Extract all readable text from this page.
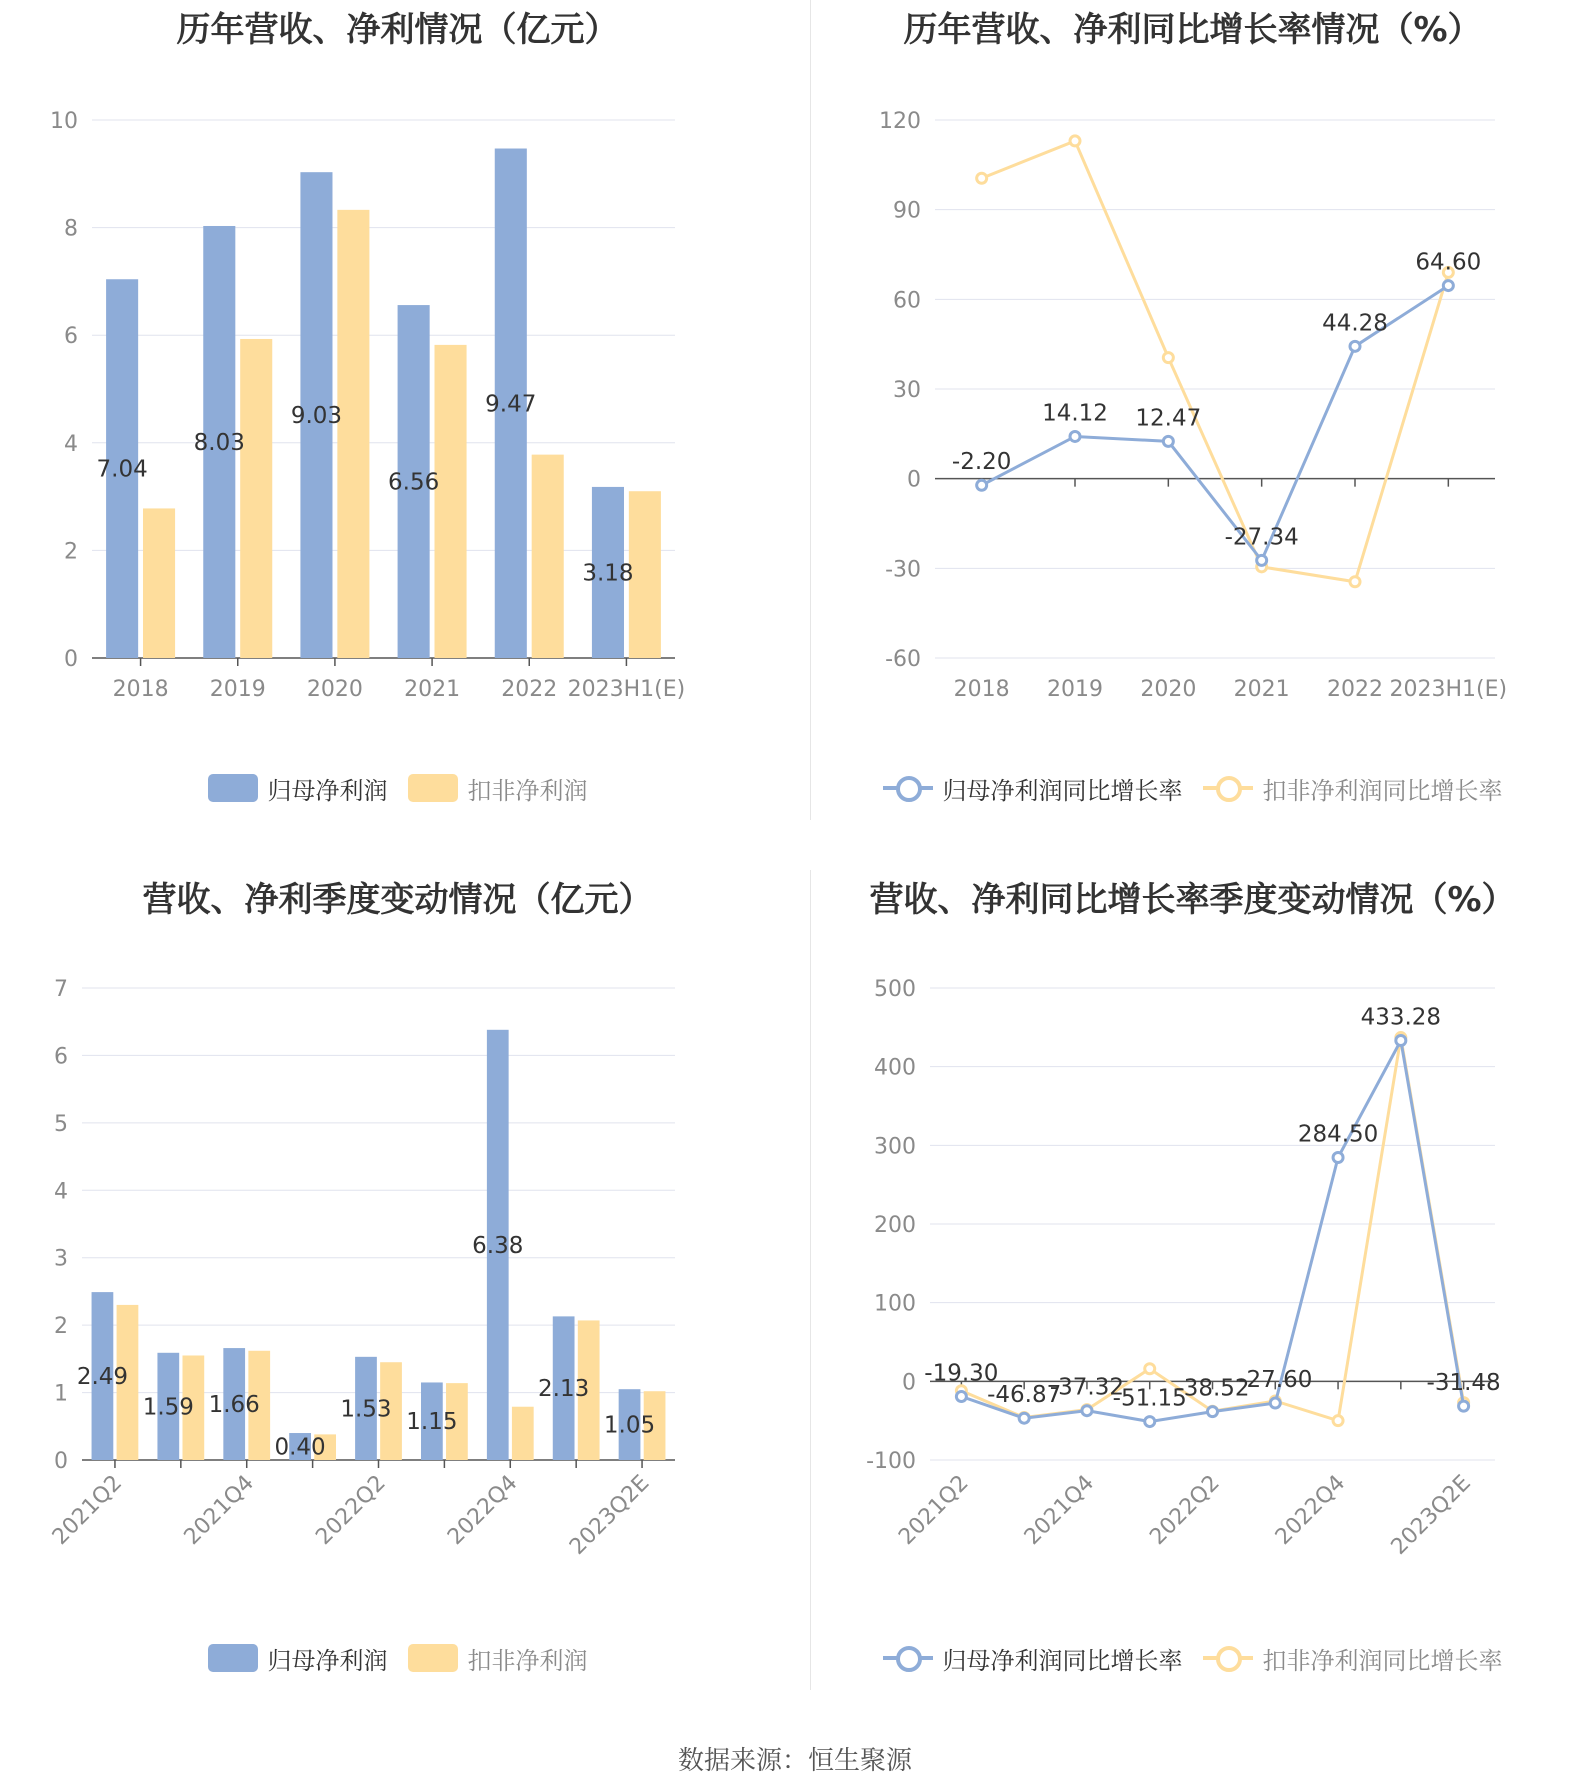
历年营收、净利情况（亿元）
0
2
4
6
8
10
2018 2019 2020 2021 2022 2023H1(E)
7.04
8.03
9.03
6.56
9.47
3.18
归母净利润	扣非净利润
历年营收、净利同比增长率情况（%）
-60
-30
0
30
60
90
120
2018 2019 2020 2021 2022 2023H1(E)
-2.20
14.12 12.47
-27.34
44.28
64.60
归母净利润同比增长率	扣非净利润同比增长率
营收、净利季度变动情况（亿元）
0
1
2
3
4
5
6
7
2021Q2 2021Q4 2022Q2 2022Q4 2023Q2E
2.49
1.59 1.66
0.40
1.53 1.15
6.38
2.13
1.05
归母净利润	扣非净利润
营收、净利同比增长率季度变动情况（%）
-100
0
100
200
300
400
500
2021Q2 2021Q4 2022Q2 2022Q4 2023Q2E
-19.30
-46.87
-37.32
-51.15
-38.52
-27.60
284.50
433.28
-31.48
归母净利润同比增长率	扣非净利润同比增长率
数据来源：恒生聚源
